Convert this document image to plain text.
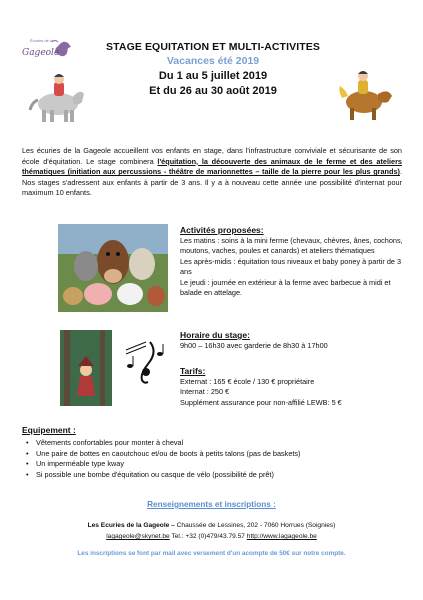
Écuries de la
Gageole	STAGE EQUITATION ET MULTI-ACTIVITES
Vacances été 2019
Du 1 au 5 juillet 2019
Et du 26 au 30 août 2019
Les écuries de la Gageole accueillent vos enfants en stage, dans l'infrastructure conviviale et sécurisante de son école d'équitation. Le stage combinera l'équitation, la découverte des animaux de le ferme et des ateliers thématiques (initiation aux percussions - théâtre de marionnettes – taille de la pierre pour les plus grands). Nos stages s'adressent aux enfants à partir de 3 ans. Il y a à nouveau cette année une possibilité d'internat pour maximum 10 enfants.
Activités proposées:

Les matins : soins à la mini ferme (chevaux, chèvres, ânes, cochons, moutons, vaches, poules et canards) et ateliers thématiques

Les après-midis : équitation tous niveaux et baby poney à partir de 3 ans

Le jeudi : journée en extérieur à la ferme avec barbecue à midi et balade en attelage.

Horaire du stage:
9h00 – 16h30 avec garderie de 8h30 à 17h00
Tarifs:
Externat : 165 € école / 130 € propriétaire
Internat : 250 €
Supplément assurance pour non-affilié LEWB: 5 €
Equipement :
• Vêtements confortables pour monter à cheval
• Une paire de bottes en caoutchouc et/ou de boots à petits talons (pas de baskets)
• Un imperméable type kway
• Si possible une bombe d'équitation ou casque de vélo (possibilité de prêt)
Renseignements et inscriptions :
Les Ecuries de la Gageole – Chaussée de Lessines, 202 - 7060 Horrues (Soignies)
lagageole@skynet.be Tel.: +32 (0)479/43.79.57 http://www.lagageole.be
Les inscriptions se font par mail avec versement d'un acompte de 50€ sur notre compte.
